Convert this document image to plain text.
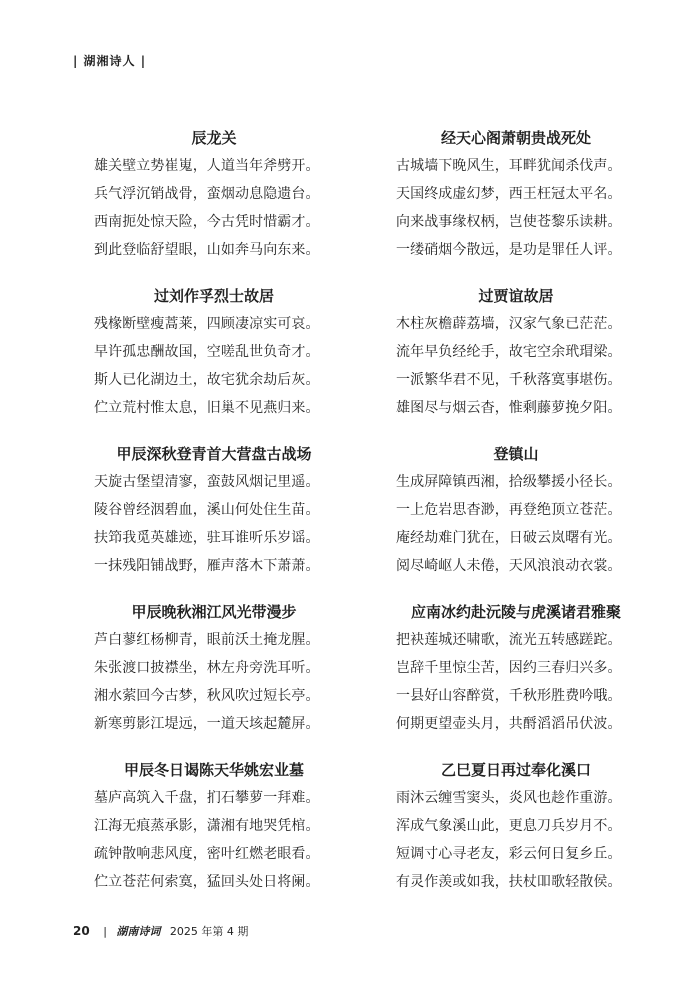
| 湖湘诗人 |
辰龙关
雄关壁立势崔嵬，人道当年斧劈开。
兵气浮沉销战骨，蛮烟动息隐遗台。
西南扼处惊天险，今古凭时惜霸才。
到此登临舒望眼，山如奔马向东来。
过刘作孚烈士故居
残椽断壁瘦蒿莱，四顾凄凉实可哀。
早许孤忠酬故国，空嗟乱世负奇才。
斯人已化湖边土，故宅犹余劫后灰。
伫立荒村惟太息，旧巢不见燕归来。
甲辰深秋登青首大营盘古战场
天旋古堡望清寥，蛮鼓风烟记里遥。
陵谷曾经洇碧血，溪山何处住生苗。
扶笻我觅英雄迹，驻耳谁听乐岁谣。
一抹残阳铺战野，雁声落木下萧萧。
甲辰晚秋湘江风光带漫步
芦白蓼红杨柳青，眼前沃土掩龙腥。
朱张渡口披襟坐，林左舟旁洗耳听。
湘水萦回今古梦，秋风吹过短长亭。
新寒剪影江堤远，一道天垓起麓屏。
甲辰冬日谒陈天华姚宏业墓
墓庐高筑入千盘，扪石攀萝一拜难。
江海无痕蒸承影，潇湘有地哭凭棺。
疏钟散响悲风度，密叶红燃老眼看。
伫立苍茫何索寞，猛回头处日将阑。
经天心阁萧朝贵战死处
古城墙下晚风生，耳畔犹闻杀伐声。
天国终成虚幻梦，西王枉冠太平名。
向来战事缘权柄，岂使苍黎乐读耕。
一缕硝烟今散远，是功是罪任人评。
过贾谊故居
木柱灰檐薜荔墙，汉家气象已茫茫。
流年早负经纶手，故宅空余玳瑁梁。
一派繁华君不见，千秋落寞事堪伤。
雄图尽与烟云杳，惟剩藤萝挽夕阳。
登镇山
生成屏障镇西湘，拾级攀援小径长。
一上危岩思杳渺，再登绝顶立苍茫。
庵经劫难门犹在，日破云岚曙有光。
阅尽崎岖人未倦，天风浪浪动衣裳。
应南冰约赴沅陵与虎溪诸君雅聚
把袂莲城还啸歌，流光五转感蹉跎。
岂辞千里惊尘苦，因约三春归兴多。
一县好山容醉赏，千秋形胜费吟哦。
何期更望壶头月，共酹滔滔吊伏波。
乙巳夏日再过奉化溪口
雨沐云缠雪窦头，炎风也趁作重游。
浑成气象溪山此，更息刀兵岁月不。
短调寸心寻老友，彩云何日复乡丘。
有灵作羡或如我，扶杖吅歌轻散侯。
20 | 湖南诗词 2025 年第 4 期
